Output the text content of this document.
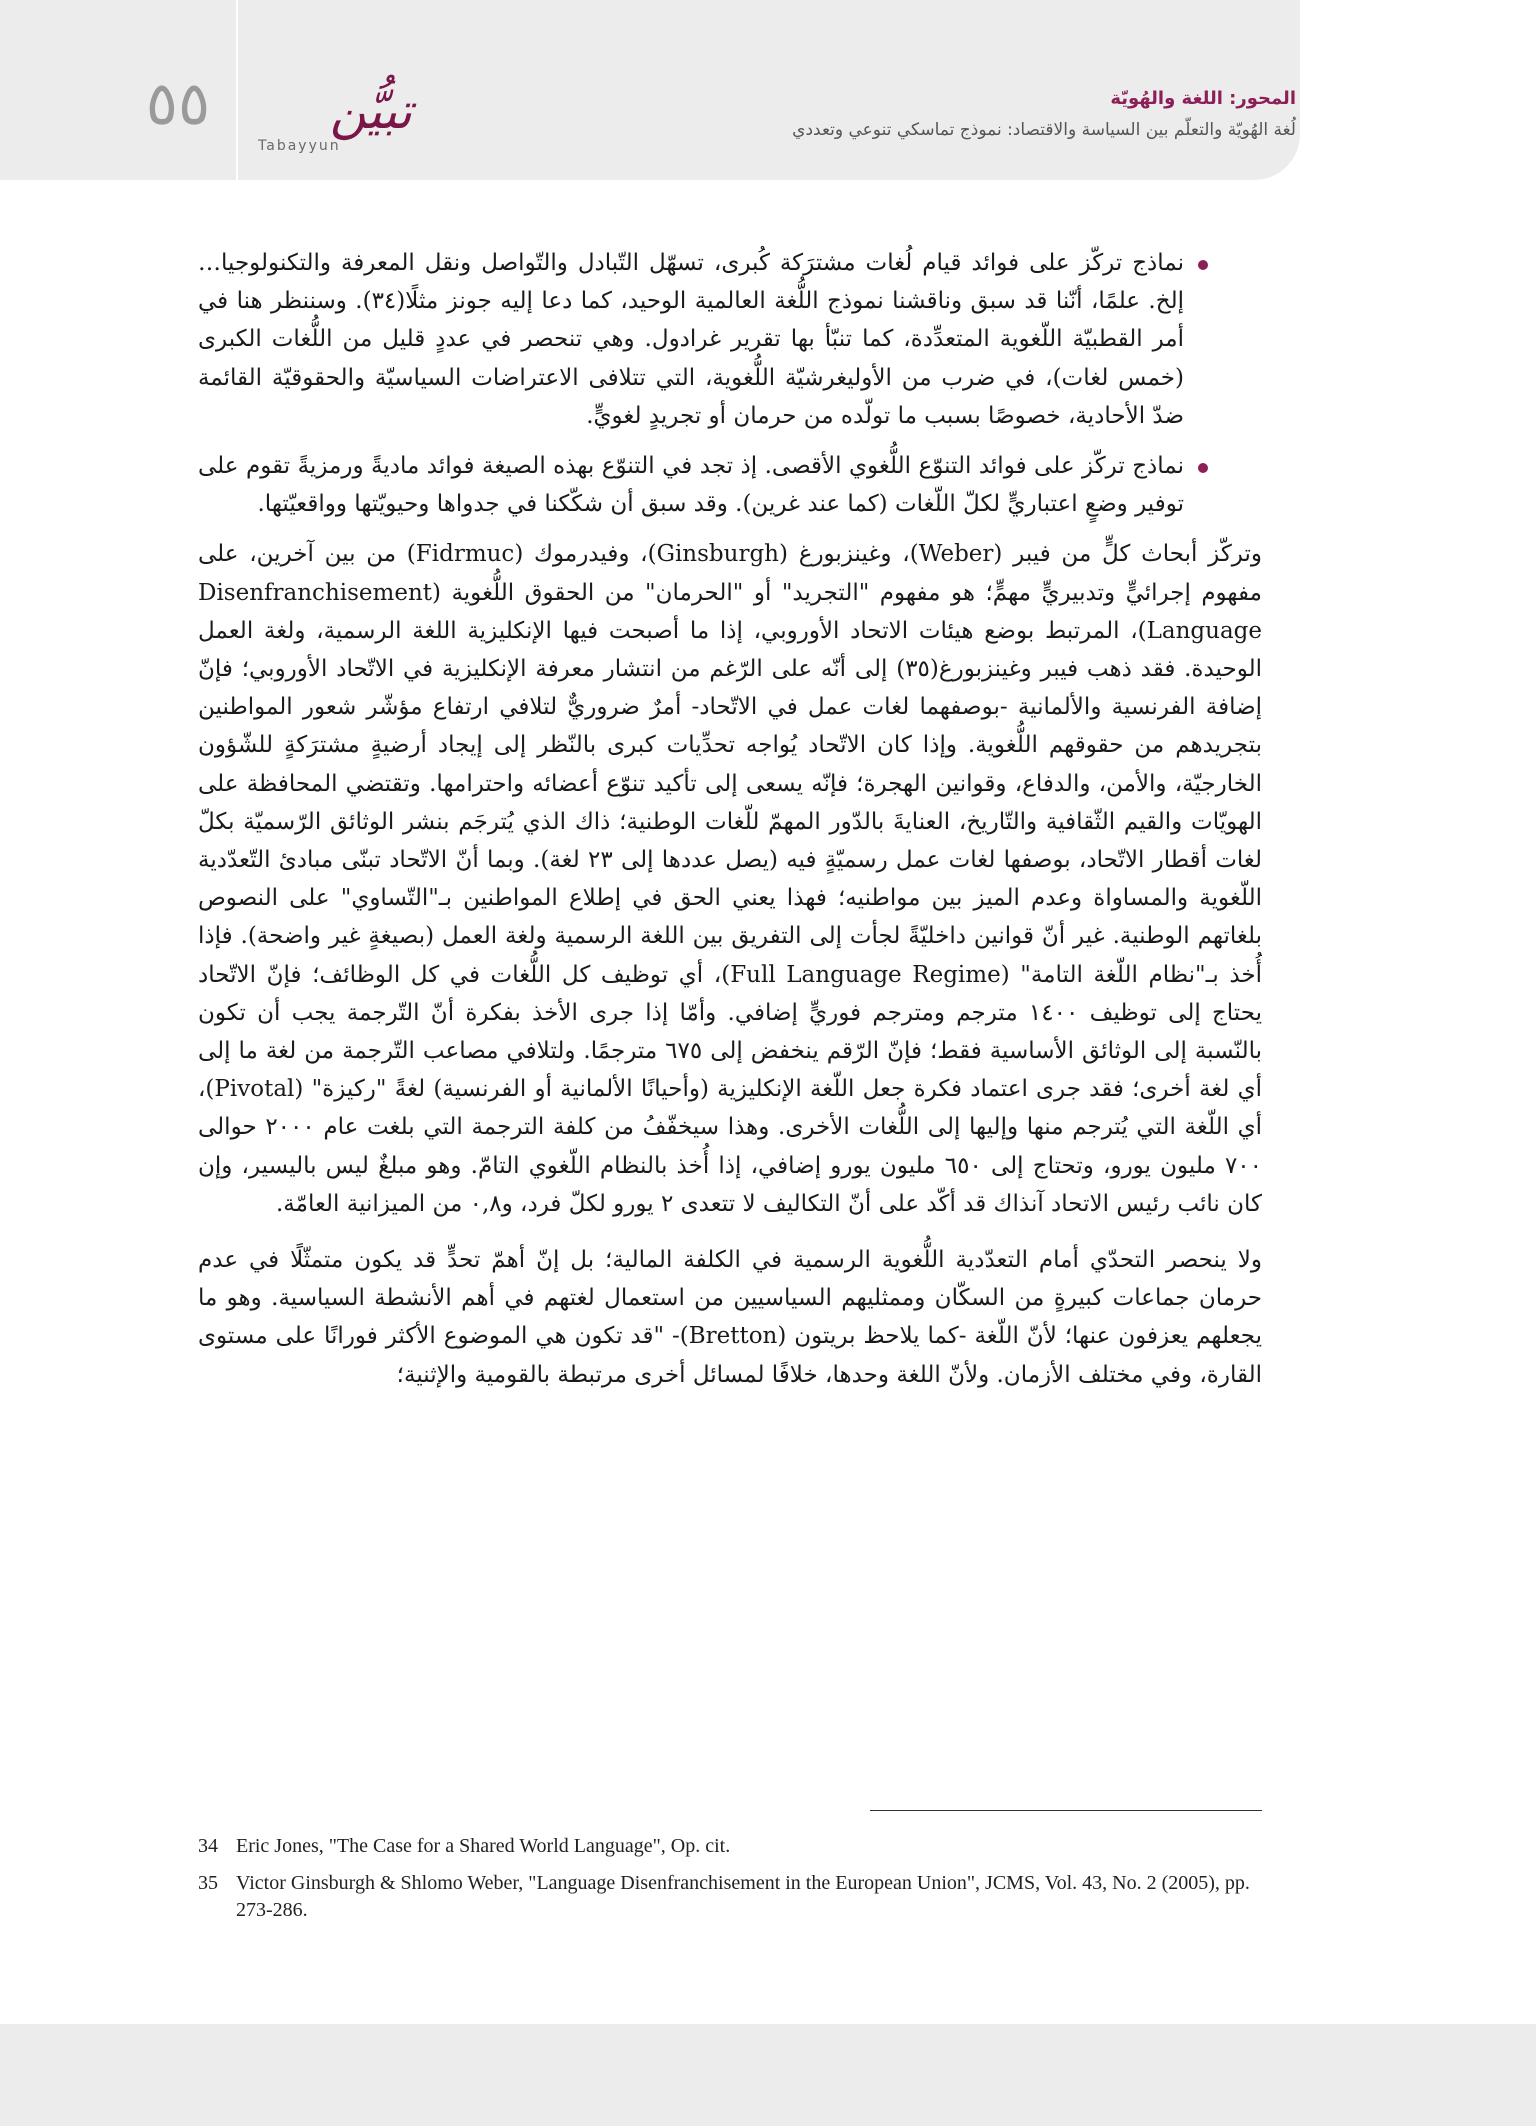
٥٥	تبيُّن
Tabayyun
المحور: اللغة والهُويّة
لُغة الهُويّة والتعلّم بين السياسة والاقتصاد: نموذج تماسكي تنوعي وتعددي

نماذج تركّز على فوائد قيام لُغات مشترَكة كُبرى، تسهّل التّبادل والتّواصل ونقل المعرفة والتكنولوجيا… إلخ. علمًا، أنّنا قد سبق وناقشنا نموذج اللُّغة العالمية الوحيد، كما دعا إليه جونز مثلًا(٣٤). وسننظر هنا في أمر القطبيّة اللّغوية المتعدِّدة، كما تنبّأ بها تقرير غرادول. وهي تنحصر في عددٍ قليل من اللُّغات الكبرى (خمس لغات)، في ضرب من الأوليغرشيّة اللُّغوية، التي تتلافى الاعتراضات السياسيّة والحقوقيّة القائمة ضدّ الأحادية، خصوصًا بسبب ما تولّده من حرمان أو تجريدٍ لغويٍّ.

نماذج تركّز على فوائد التنوّع اللُّغوي الأقصى. إذ تجد في التنوّع بهذه الصيغة فوائد ماديةً ورمزيةً تقوم على توفير وضعٍ اعتباريٍّ لكلّ اللّغات (كما عند غرين). وقد سبق أن شكّكنا في جدواها وحيويّتها وواقعيّتها.

وتركّز أبحاث كلٍّ من فيبر (Weber)، وغينزبورغ (Ginsburgh)، وفيدرموك (Fidrmuc) من بين آخرين، على مفهوم إجرائيٍّ وتدبيريٍّ مهمٍّ؛ هو مفهوم "التجريد" أو "الحرمان" من الحقوق اللُّغوية (Disenfranchisement Language)، المرتبط بوضع هيئات الاتحاد الأوروبي، إذا ما أصبحت فيها الإنكليزية اللغة الرسمية، ولغة العمل الوحيدة. فقد ذهب فيبر وغينزبورغ(٣٥) إلى أنّه على الرّغم من انتشار معرفة الإنكليزية في الاتّحاد الأوروبي؛ فإنّ إضافة الفرنسية والألمانية -بوصفهما لغات عمل في الاتّحاد- أمرٌ ضروريٌّ لتلافي ارتفاع مؤشّر شعور المواطنين بتجريدهم من حقوقهم اللُّغوية. وإذا كان الاتّحاد يُواجه تحدِّيات كبرى بالنّظر إلى إيجاد أرضيةٍ مشترَكةٍ للشّؤون الخارجيّة، والأمن، والدفاع، وقوانين الهجرة؛ فإنّه يسعى إلى تأكيد تنوّع أعضائه واحترامها. وتقتضي المحافظة على الهويّات والقيم الثّقافية والتّاريخ، العنايةَ بالدّور المهمّ للّغات الوطنية؛ ذاك الذي يُترجَم بنشر الوثائق الرّسميّة بكلّ لغات أقطار الاتّحاد، بوصفها لغات عمل رسميّةٍ فيه (يصل عددها إلى ٢٣ لغة). وبما أنّ الاتّحاد تبنّى مبادئ التّعدّدية اللّغوية والمساواة وعدم الميز بين مواطنيه؛ فهذا يعني الحق في إطلاع المواطنين بـ"التّساوي" على النصوص بلغاتهم الوطنية. غير أنّ قوانين داخليّةً لجأت إلى التفريق بين اللغة الرسمية ولغة العمل (بصيغةٍ غير واضحة). فإذا أُخذ بـ"نظام اللّغة التامة" (Full Language Regime)، أي توظيف كل اللُّغات في كل الوظائف؛ فإنّ الاتّحاد يحتاج إلى توظيف ١٤٠٠ مترجم ومترجم فوريٍّ إضافي. وأمّا إذا جرى الأخذ بفكرة أنّ التّرجمة يجب أن تكون بالنّسبة إلى الوثائق الأساسية فقط؛ فإنّ الرّقم ينخفض إلى ٦٧٥ مترجمًا. ولتلافي مصاعب التّرجمة من لغة ما إلى أي لغة أخرى؛ فقد جرى اعتماد فكرة جعل اللّغة الإنكليزية (وأحيانًا الألمانية أو الفرنسية) لغةً "ركيزة" (Pivotal)، أي اللّغة التي يُترجم منها وإليها إلى اللُّغات الأخرى. وهذا سيخفّفُ من كلفة الترجمة التي بلغت عام ٢٠٠٠ حوالى ٧٠٠ مليون يورو، وتحتاج إلى ٦٥٠ مليون يورو إضافي، إذا أُخذ بالنظام اللّغوي التامّ. وهو مبلغٌ ليس باليسير، وإن كان نائب رئيس الاتحاد آنذاك قد أكّد على أنّ التكاليف لا تتعدى ٢ يورو لكلّ فرد، و٠,٨ من الميزانية العامّة.

ولا ينحصر التحدّي أمام التعدّدية اللُّغوية الرسمية في الكلفة المالية؛ بل إنّ أهمّ تحدٍّ قد يكون متمثّلًا في عدم حرمان جماعات كبيرةٍ من السكّان وممثليهم السياسيين من استعمال لغتهم في أهم الأنشطة السياسية. وهو ما يجعلهم يعزفون عنها؛ لأنّ اللّغة -كما يلاحظ بريتون (Bretton)- "قد تكون هي الموضوع الأكثر فورانًا على مستوى القارة، وفي مختلف الأزمان. ولأنّ اللغة وحدها، خلافًا لمسائل أخرى مرتبطة بالقومية والإثنية؛

34 Eric Jones, "The Case for a Shared World Language", Op. cit.

35 Victor Ginsburgh & Shlomo Weber, "Language Disenfranchisement in the European Union", JCMS, Vol. 43, No. 2 (2005), pp. 273-286.
